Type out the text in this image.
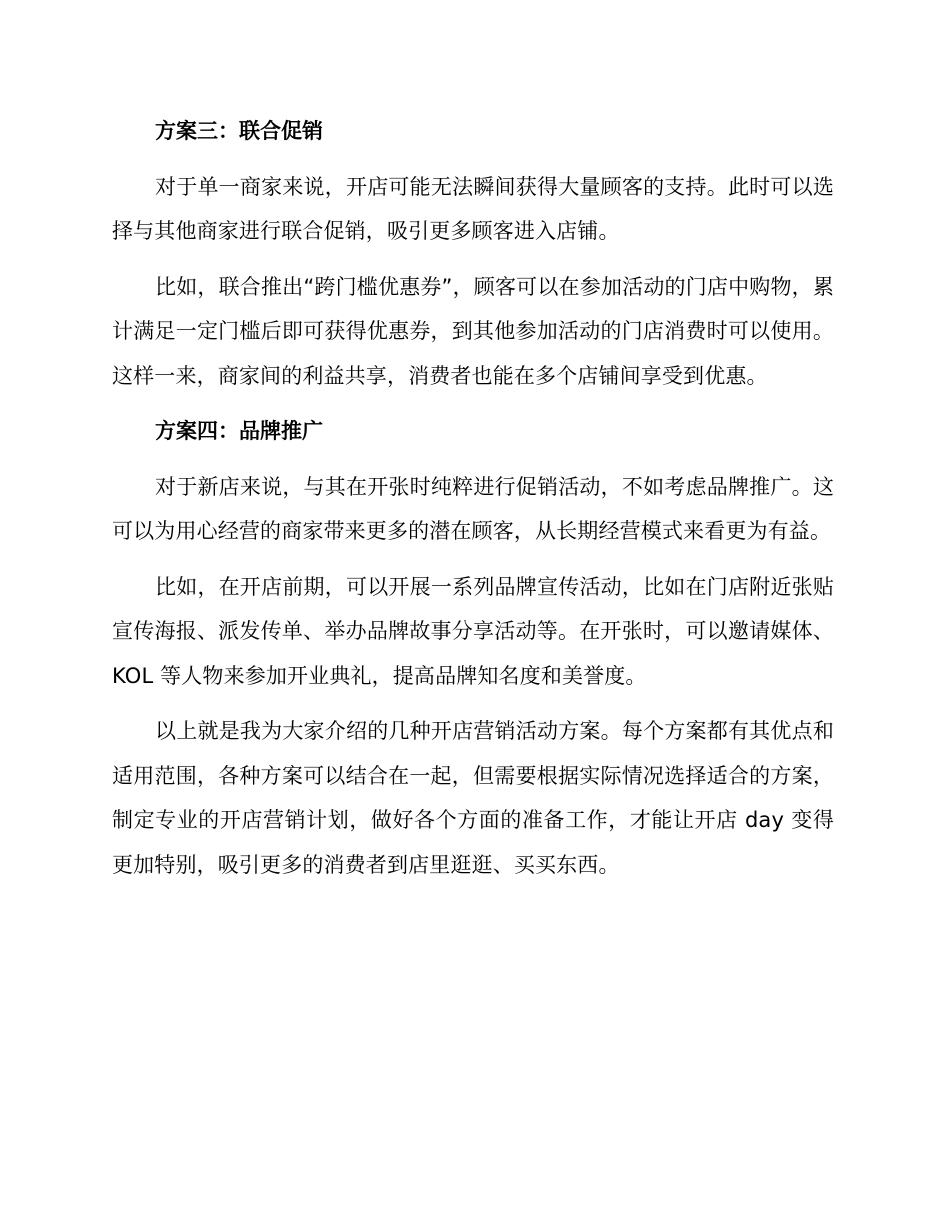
方案三：联合促销

对于单一商家来说，开店可能无法瞬间获得大量顾客的支持。此时可以选择与其他商家进行联合促销，吸引更多顾客进入店铺。

比如，联合推出“跨门槛优惠券”，顾客可以在参加活动的门店中购物，累计满足一定门槛后即可获得优惠券，到其他参加活动的门店消费时可以使用。这样一来，商家间的利益共享，消费者也能在多个店铺间享受到优惠。

方案四：品牌推广

对于新店来说，与其在开张时纯粹进行促销活动，不如考虑品牌推广。这可以为用心经营的商家带来更多的潜在顾客，从长期经营模式来看更为有益。

比如，在开店前期，可以开展一系列品牌宣传活动，比如在门店附近张贴宣传海报、派发传单、举办品牌故事分享活动等。在开张时，可以邀请媒体、KOL 等人物来参加开业典礼，提高品牌知名度和美誉度。

以上就是我为大家介绍的几种开店营销活动方案。每个方案都有其优点和适用范围，各种方案可以结合在一起，但需要根据实际情况选择适合的方案，制定专业的开店营销计划，做好各个方面的准备工作，才能让开店 day 变得更加特别，吸引更多的消费者到店里逛逛、买买东西。
